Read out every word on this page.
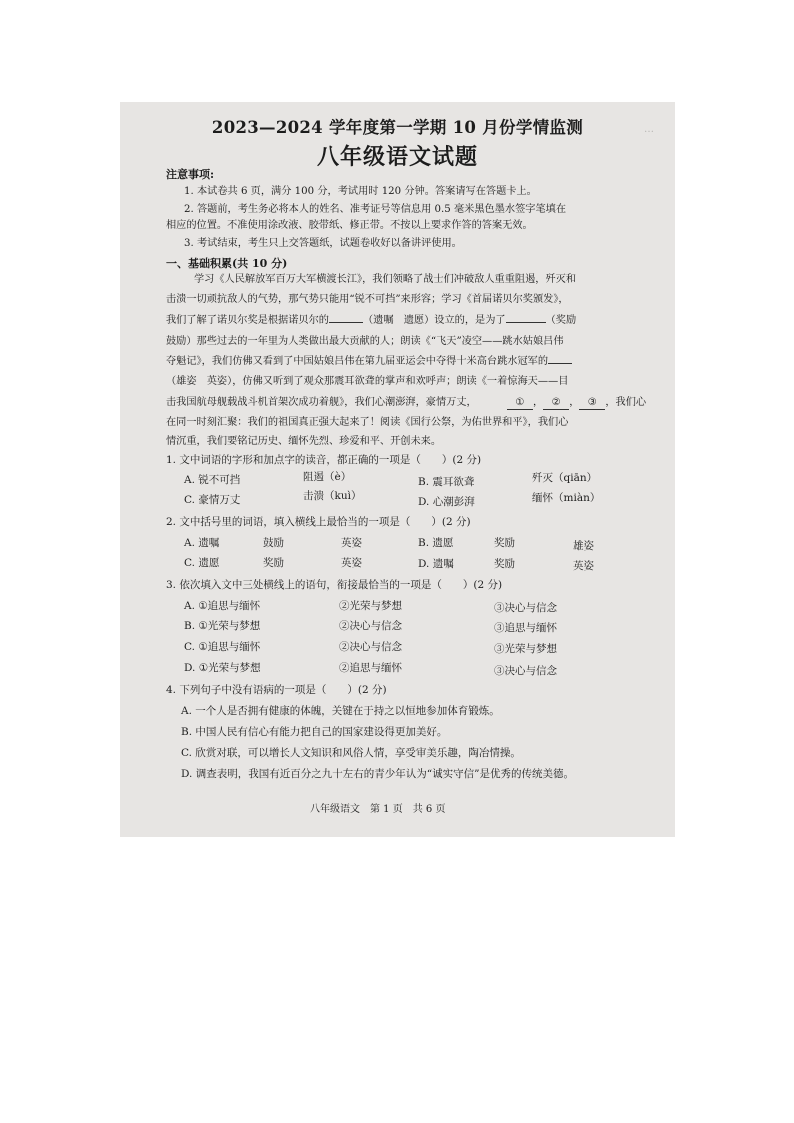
…
2023—2024 学年度第一学期 10 月份学情监测
八年级语文试题
注意事项:
1. 本试卷共 6 页，满分 100 分，考试用时 120 分钟。答案请写在答题卡上。
2. 答题前，考生务必将本人的姓名、准考证号等信息用 0.5 毫米黑色墨水签字笔填在
相应的位置。不准使用涂改液、胶带纸、修正带。不按以上要求作答的答案无效。
3. 考试结束，考生只上交答题纸，试题卷收好以备讲评使用。
一、基础积累(共 10 分)
学习《人民解放军百万大军横渡长江》，我们领略了战士们冲破敌人重重阻遏，歼灭和
击溃一切顽抗敌人的气势，那气势只能用“锐不可挡”来形容；学习《首届诺贝尔奖颁发》，
我们了解了诺贝尔奖是根据诺贝尔的	（遗嘱　遗愿）设立的，是为了	（奖励
鼓励）那些过去的一年里为人类做出最大贡献的人；朗读《“飞天”凌空——跳水姑娘吕伟
夺魁记》，我们仿佛又看到了中国姑娘吕伟在第九届亚运会中夺得十米高台跳水冠军的
（雄姿　英姿），仿佛又听到了观众那震耳欲聋的掌声和欢呼声；朗读《一着惊海天——目
击我国航母舰载战斗机首架次成功着舰》，我们心潮澎湃，豪情万丈，	① ， ② ， ③ ，我们心
在同一时刻汇聚：我们的祖国真正强大起来了！阅读《国行公祭，为佑世界和平》，我们心
情沉重，我们要铭记历史、缅怀先烈、珍爱和平、开创未来。
1. 文中词语的字形和加点字的读音，都正确的一项是（　　）(2 分)
A. 锐不可挡	阻遏（è）	B. 震耳欲聋	歼灭（qiān）
C. 豪情万丈	击溃（kuì）	D. 心潮彭湃	缅怀（miàn）
2. 文中括号里的词语，填入横线上最恰当的一项是（　　）(2 分)
A. 遗嘱	鼓励	英姿	B. 遗愿	奖励	雄姿
C. 遗愿	奖励	英姿	D. 遗嘱	奖励	英姿
3. 依次填入文中三处横线上的语句，衔接最恰当的一项是（　　）(2 分)
A. ①追思与缅怀	②光荣与梦想	③决心与信念
B. ①光荣与梦想	②决心与信念	③追思与缅怀
C. ①追思与缅怀	②决心与信念	③光荣与梦想
D. ①光荣与梦想	②追思与缅怀	③决心与信念
4. 下列句子中没有语病的一项是（　　）(2 分)
A. 一个人是否拥有健康的体魄，关键在于持之以恒地参加体育锻炼。
B. 中国人民有信心有能力把自己的国家建设得更加美好。
C. 欣赏对联，可以增长人文知识和风俗人情，享受审美乐趣，陶冶情操。
D. 调查表明，我国有近百分之九十左右的青少年认为“诚实守信”是优秀的传统美德。
八年级语文　第 1 页　共 6 页
